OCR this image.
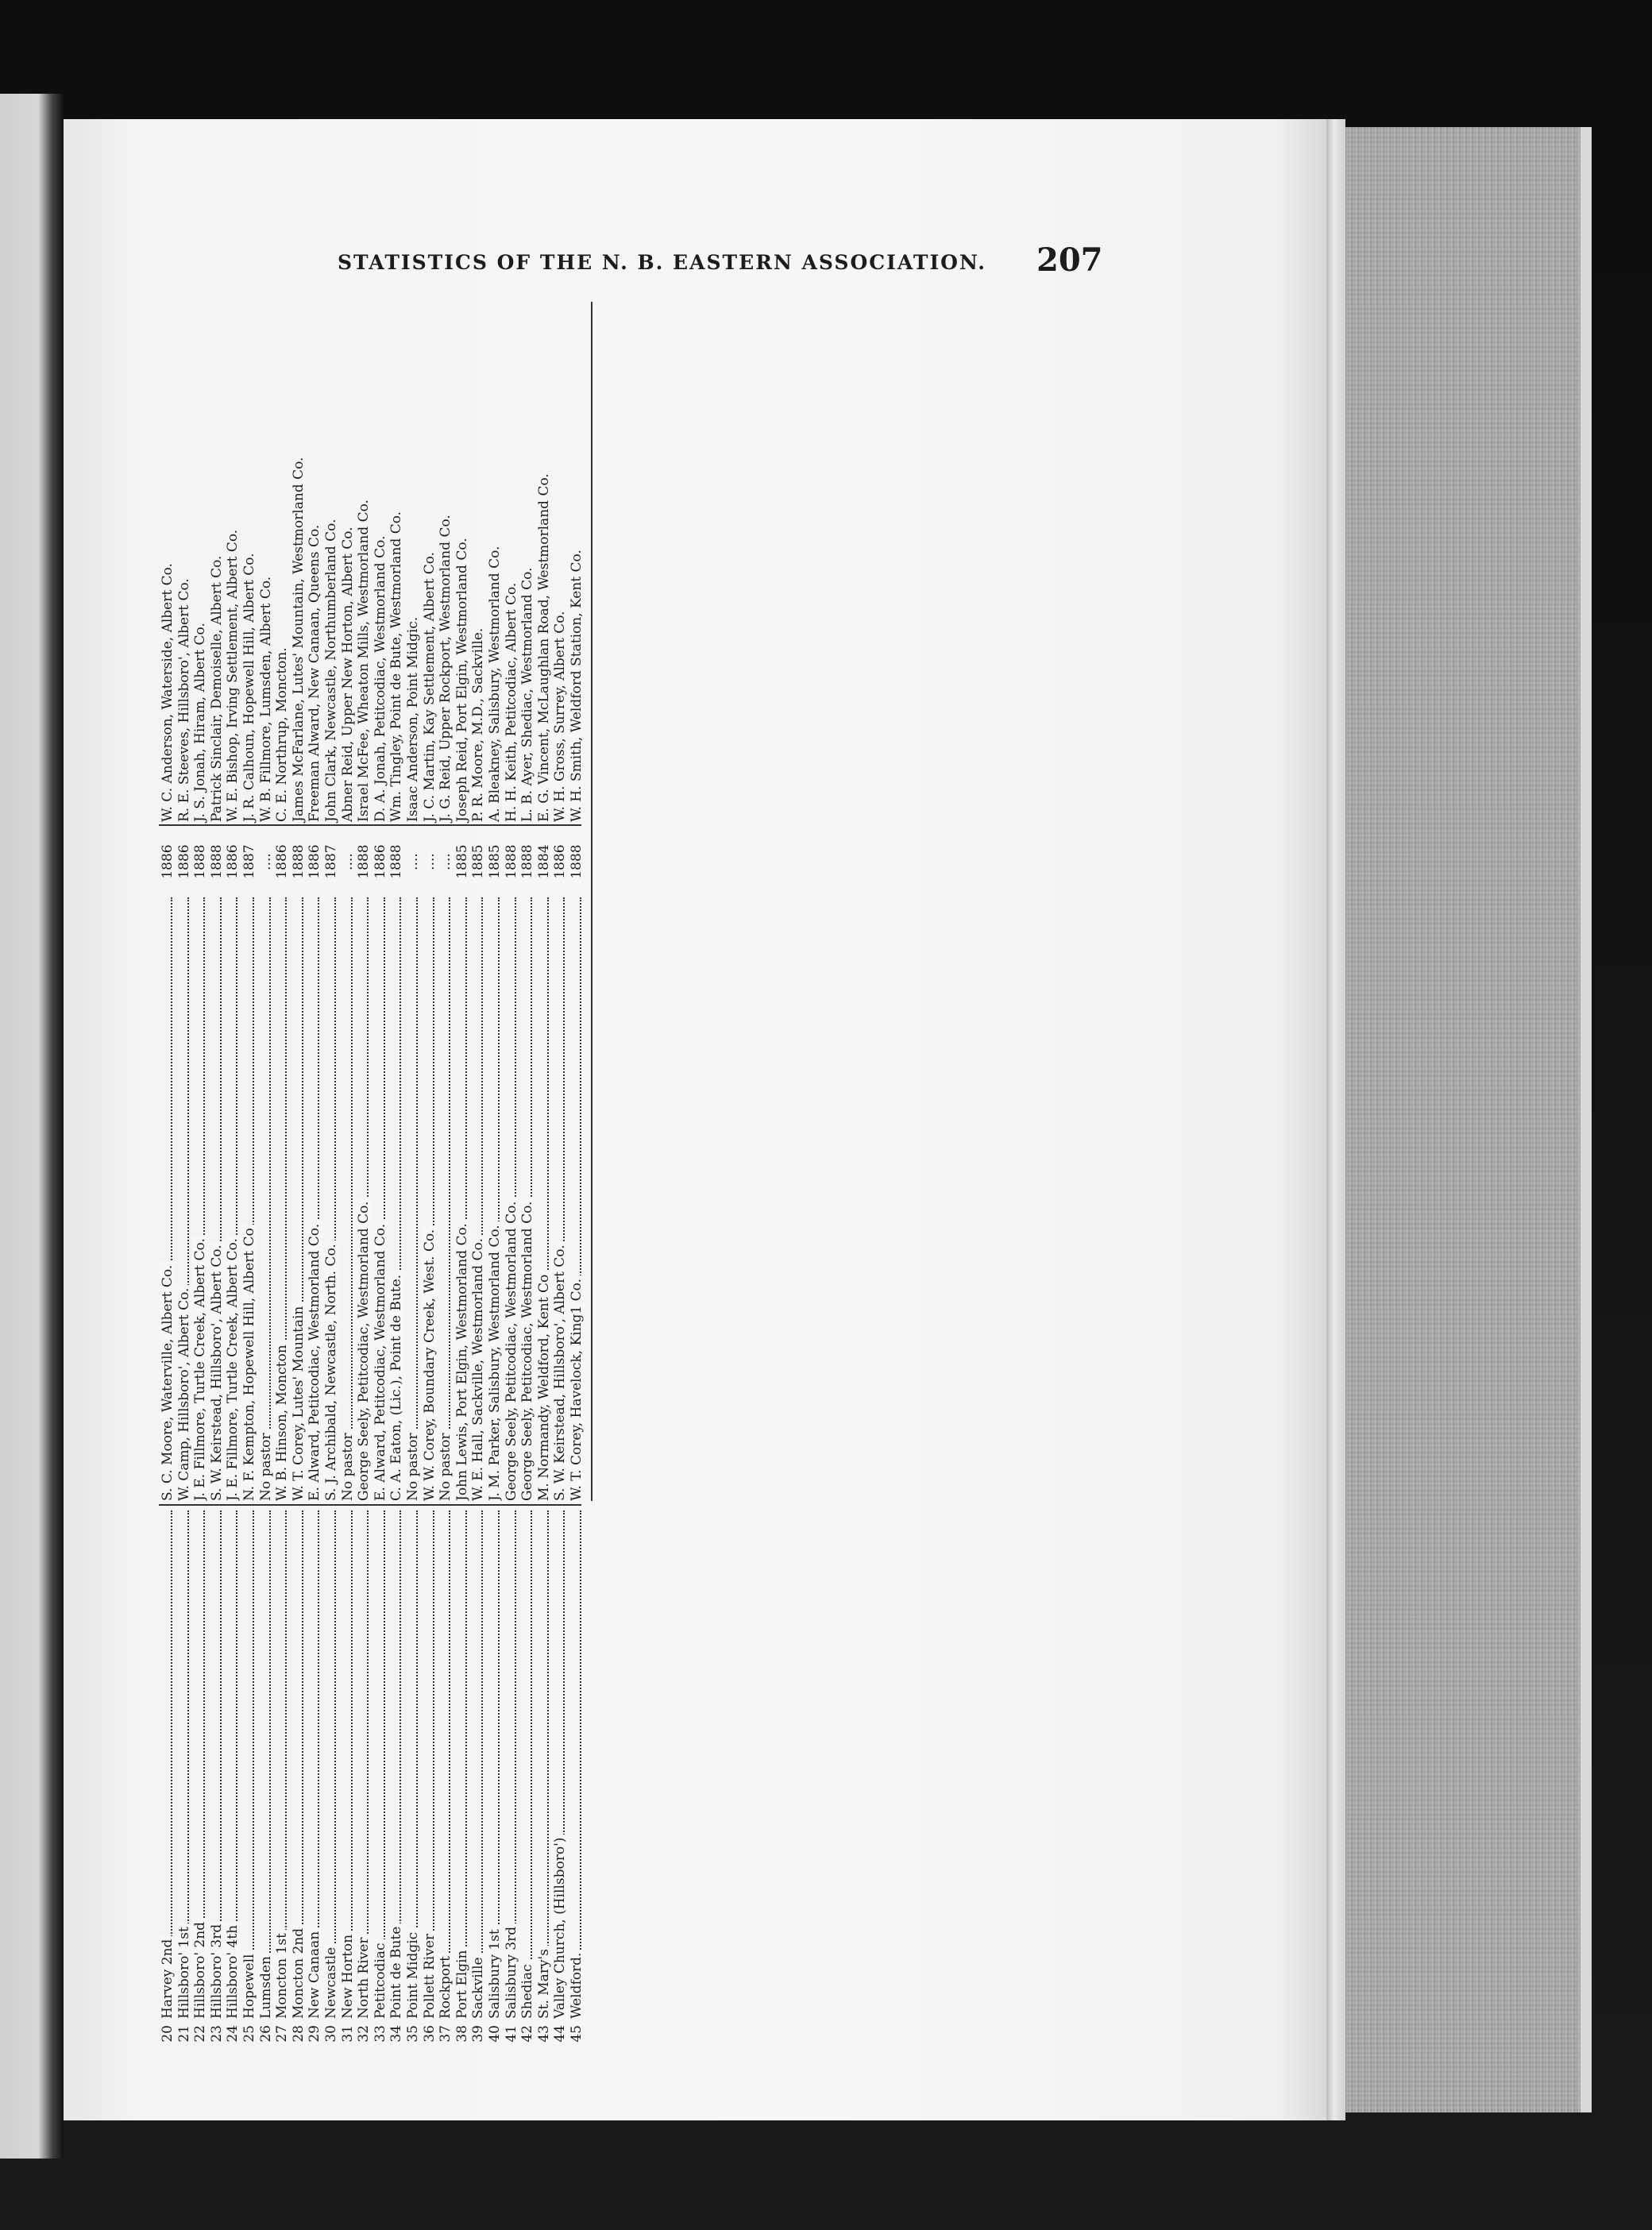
STATISTICS OF THE N. B. EASTERN ASSOCIATION. 207
20
Harvey 2nd
S. C. Moore, Waterville, Albert Co.
1886
W. C. Anderson, Waterside, Albert Co.
21
Hillsboro' 1st
W. Camp, Hillsboro', Albert Co.
1886
R. E. Steeves, Hillsboro', Albert Co.
22
Hillsboro' 2nd
J. E. Fillmore, Turtle Creek, Albert Co.
1888
J. S. Jonah, Hiram, Albert Co.
23
Hillsboro' 3rd
S. W. Keirstead, Hillsboro', Albert Co.
1888
Patrick Sinclair, Demoiselle, Albert Co.
24
Hillsboro' 4th
J. E. Fillmore, Turtle Creek, Albert Co.
1886
W. E. Bishop, Irving Settlement, Albert Co.
25
Hopewell
N. F. Kempton, Hopewell Hill, Albert Co
1887
J. R. Calhoun, Hopewell Hill, Albert Co.
26
Lumsden
No pastor
....
W. B. Fillmore, Lumsden, Albert Co.
27
Moncton 1st
W. B. Hinson, Moncton
1886
C. E. Northrup, Moncton.
28
Moncton 2nd
W. T. Corey, Lutes' Mountain
1888
James McFarlane, Lutes' Mountain, Westmorland Co.
29
New Canaan
E. Alward, Petitcodiac, Westmorland Co.
1886
Freeman Alward, New Canaan, Queens Co.
30
Newcastle
S. J. Archibald, Newcastle, North. Co.
1887
John Clark, Newcastle, Northumberland Co.
31
New Horton
No pastor
....
Abner Reid, Upper New Horton, Albert Co.
32
North River
George Seely, Petitcodiac, Westmorland Co.
1888
Israel McFee, Wheaton Mills, Westmorland Co.
33
Petitcodiac
E. Alward, Petitcodiac, Westmorland Co.
1886
D. A. Jonah, Petitcodiac, Westmorland Co.
34
Point de Bute
C. A. Eaton, (Lic.), Point de Bute.
1888
Wm. Tingley, Point de Bute, Westmorland Co.
35
Point Midgic
No pastor
....
Isaac Anderson, Point Midgic.
36
Pollett River
W. W. Corey, Boundary Creek, West. Co.
....
J. C. Martin, Kay Settlement, Albert Co.
37
Rockport
No pastor
....
J. G. Reid, Upper Rockport, Westmorland Co.
38
Port Elgin
John Lewis, Port Elgin, Westmorland Co.
1885
Joseph Reid, Port Elgin, Westmorland Co.
39
Sackville
W. E. Hall, Sackville, Westmorland Co.
1885
P. R. Moore, M.D., Sackville.
40
Salisbury 1st
J. M. Parker, Salisbury, Westmorland Co.
1885
A. Bleakney, Salisbury, Westmorland Co.
41
Salisbury 3rd
George Seely, Petitcodiac, Westmorland Co.
1888
H. H. Keith, Petitcodiac, Albert Co.
42
Shediac
George Seely, Petitcodiac, Westmorland Co.
1888
L. B. Ayer, Shediac, Westmorland Co.
43
St. Mary's
M. Normandy, Weldford, Kent Co
1884
E. G. Vincent, McLaughlan Road, Westmorland Co.
44
Valley Church, (Hillsboro')
S. W. Keirstead, Hillsboro', Albert Co.
1886
W. H. Gross, Surrey, Albert Co.
45
Weldford.
W. T. Corey, Havelock, King1 Co.
1888
W. H. Smith, Weldford Station, Kent Co.
